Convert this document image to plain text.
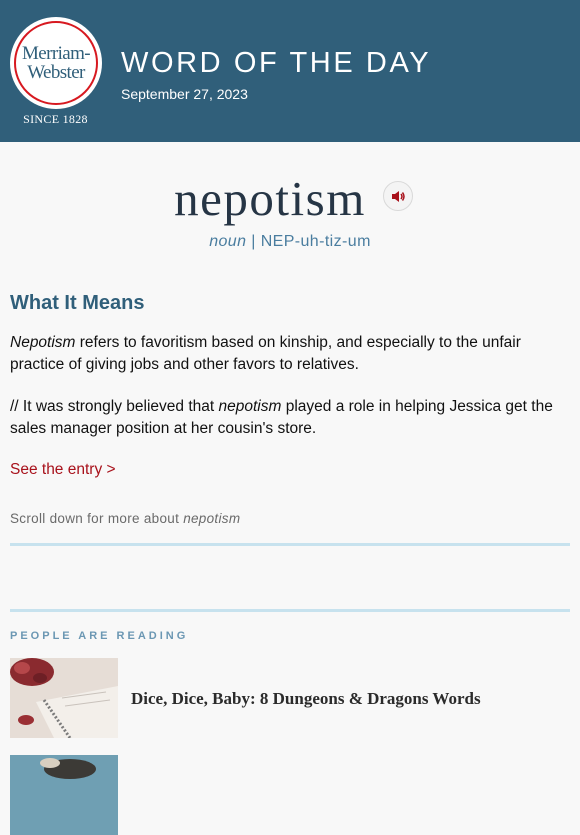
Merriam-
Webster
SINCE 1828
WORD OF THE DAY
September 27, 2023
nepotism
noun | NEP-uh-tiz-um
What It Means
Nepotism refers to favoritism based on kinship, and especially to the unfair practice of giving jobs and other favors to relatives.
// It was strongly believed that nepotism played a role in helping Jessica get the sales manager position at her cousin's store.
See the entry >
Scroll down for more about nepotism
PEOPLE ARE READING
Dice, Dice, Baby: 8 Dungeons & Dragons Words
